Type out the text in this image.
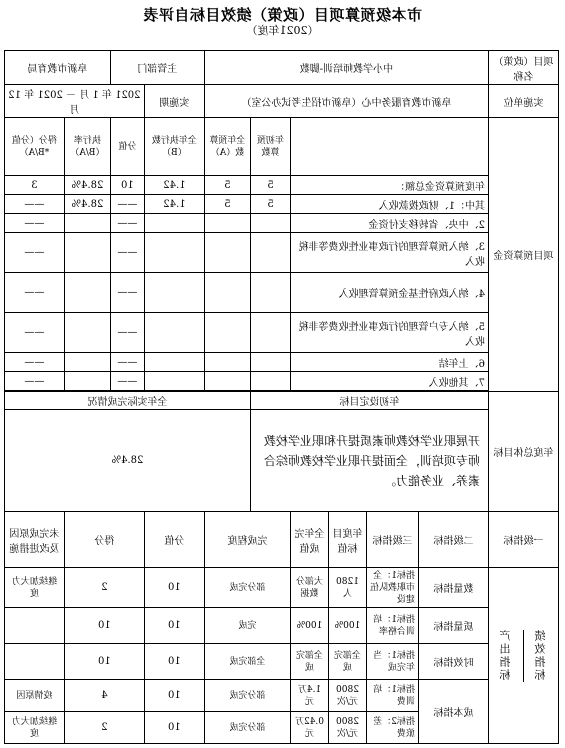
市本级预算项目（政策）绩效目标自评表
（2021年度）
项目（政策）名称	中小学教师培训-脚数						主管部门		阜新市教育局	
实施单位	阜新市教育服务中心（阜新市招生考试办公室）						实施期	2021 年 1 月 － 2021 年 12 月		
项目预算资金					年初预算数	全年预算数（A）	全年执行数（B）	分值	执行率（B/A）	得分（分值*B/A）
	年度预算资金总额：				5	5	1.42	10	28.4%	3
	其中：1、财政拨款收入				5	5	1.42	——	28.4%	——
	2、中央、省转移支付资金							——		——
	3、纳入预算管理的行政事业性收费等非税收入							——		——
	4、纳入政府性基金预算管理收入							——		——
	5、纳入专户管理的行政事业性收费等非税收入							——		——
	6、上年结							——		——
	7、其他收入							——		——

年度总体目标	年初设定目标					全年实际完成情况				
	开展职业学校教师素质提升和职业学校教师专项培训，全面提升职业学校教师综合素养、业务能力。					28.4%				
一级指标	二级指标	三级指标	年度目标值	全年完成值	完成程度		分值	得分		未完成原因及改进措施

绩效指标
产出指标	数量指标	指标1：全市职教队伍建设	1280人	大部分数据	部分完成		10	2		继续加大力度
	质量指标	指标1：培训合格率	100%	100%	完成		10	10		
	时效指标	指标1：当年完成	全部完成	全部完成	全部完成		10	10		
	成本指标	指标1：培训费	2800元/次	1.4万元	部分完成		10	4		疫情原因
		指标2：差旅费	2800元/次	0.42万元	部分完成		10	2		继续加大力度
